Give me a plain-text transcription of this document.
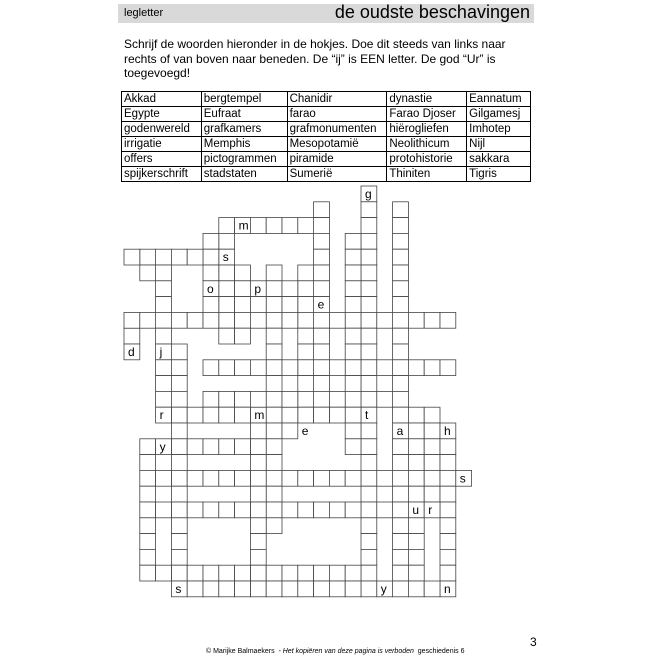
legletter	de oudste beschavingen
Schrijf de woorden hieronder in de hokjes. Doe dit steeds van links naar rechts of van boven naar beneden. De “ij” is EEN letter. De god “Ur” is toegevoegd!
Akkad	bergtempel	Chanidir	dynastie	Eannatum
Egypte	Eufraat	farao	Farao Djoser	Gilgamesj
godenwereld	grafkamers	grafmonumenten	hiërogliefen	Imhotep
irrigatie	Memphis	Mesopotamië	Neolithicum	Nijl
offers	pictogrammen	piramide	protohistorie	sakkara
spijkerschrift	stadstaten	Sumerië	Thiniten	Tigris
g
m
s
o	p
e
d j
r	m	t
e	a	h
y
s
u r
s	y	n
© Marijke Balmaekers - Het kopiëren van deze pagina is verboden geschiedenis 6
3
